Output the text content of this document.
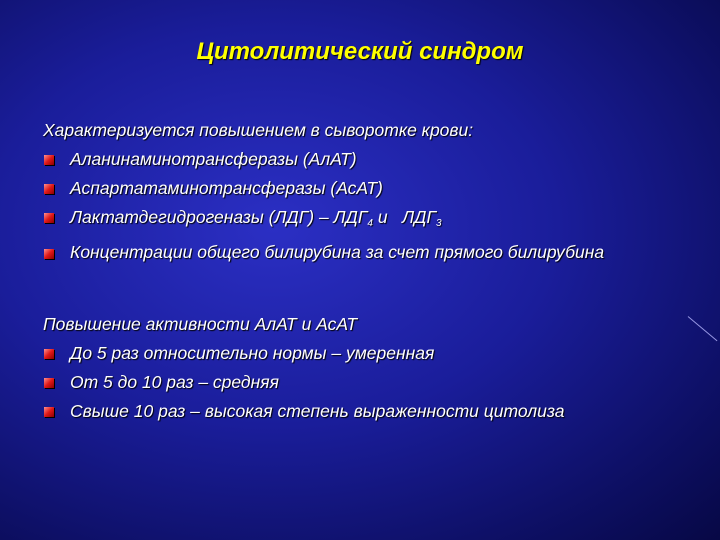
Цитолитический синдром
Характеризуется повышением в сыворотке крови:
Аланинаминотрансферазы (АлАТ)
Аспартатаминотрансферазы (АсАТ)
Лактатдегидрогеназы $(ЛДГ) - ЛДГ_4$ и   $ЛДГ_3$
Концентрации общего билирубина за счет прямого билирубина
Повышение активности АлАТ и АсАТ
До 5 раз относительно нормы – умеренная
От 5 до 10 раз – средняя
Свыше 10 раз – высокая степень выраженности цитолиза
